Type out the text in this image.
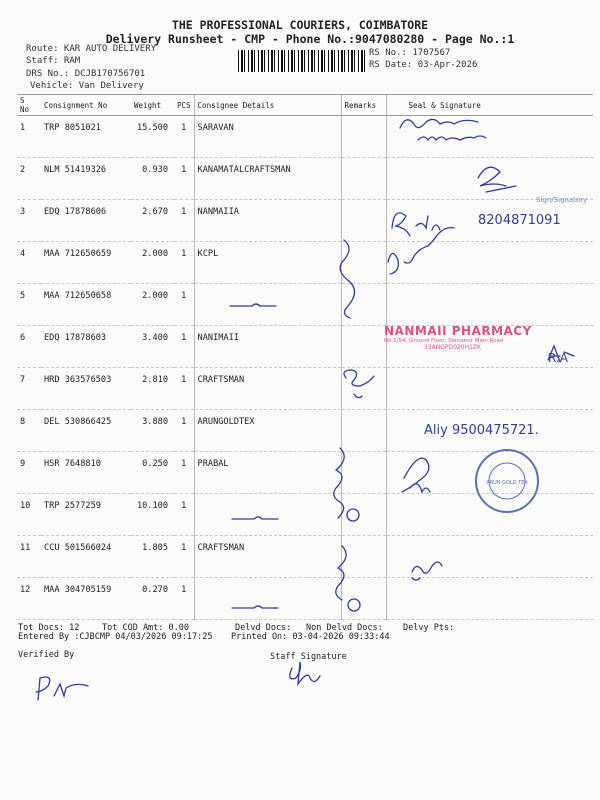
THE PROFESSIONAL COURIERS, COIMBATORE
Delivery Runsheet - CMP - Phone No.:9047080280 - Page No.:1
Route: KAR AUTO DELIVERY
Staff: RAM
DRS No.: DCJB170756701
Vehicle: Van Delivery
RS No.: 1707567
RS Date: 03-Apr-2026
S No	Consignment No	Weight	PCS	Consignee Details	Remarks	Seal & Signature
1	TRP 8051021	15.500	1	SARAVAN		
2	NLM 51419326	0.930	1	KANAMATALCRAFTSMAN		
3	EDQ 17878606	2.670	1	NANMAIIA		
4	MAA 712650659	2.000	1	KCPL		
5	MAA 712650658	2.000	1			
6	EDQ 17878603	3.400	1	NANIMAII		
7	HRD 363576503	2.810	1	CRAFTSMAN		
8	DEL 530866425	3.880	1	ARUNGOLDTEX		
9	HSR 7648810	0.250	1	PRABAL		
10	TRP 2577259	10.100	1			
11	CCU 501566024	1.805	1	CRAFTSMAN		
12	MAA 304705159	0.270	1			
8204871091
Aliy 9500475721.
R.A
Sign/Signatory
NANMAII PHARMACY
No.1/54, Ground Floor, Somanur Main Road
33ANGPD020H1ZK
ARUN GOLD TEX
Tot Docs: 12	Tot COD Amt: 0.00	Delvd Docs: Non Delvd Docs: Delvy Pts:
Entered By :CJBCMP 04/03/2026 09:17:25 Printed On: 03-04-2026 09:33:44
Verified By	Staff Signature
